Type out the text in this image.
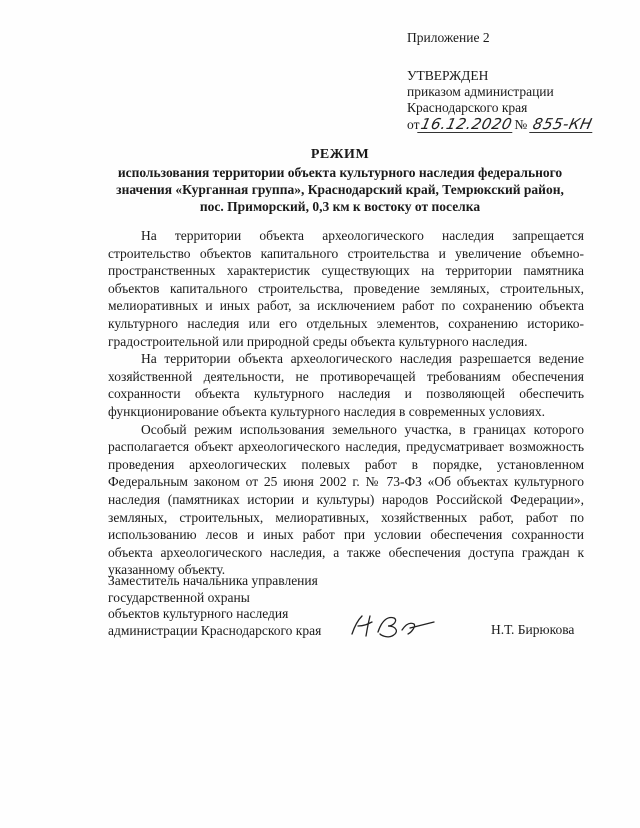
Приложение 2
УТВЕРЖДЕН
приказом администрации
Краснодарского края
от16.12.2020№ 855-КН
РЕЖИМ
использования территории объекта культурного наследия федерального
значения «Курганная группа», Краснодарский край, Темрюкский район,
пос. Приморский, 0,3 км к востоку от поселка

На территории объекта археологического наследия запрещается строительство объектов капитального строительства и увеличение объемно-пространственных характеристик существующих на территории памятника объектов капитального строительства, проведение земляных, строительных, мелиоративных и иных работ, за исключением работ по сохранению объекта культурного наследия или его отдельных элементов, сохранению историко-градостроительной или природной среды объекта культурного наследия.

На территории объекта археологического наследия разрешается ведение хозяйственной деятельности, не противоречащей требованиям обеспечения сохранности объекта культурного наследия и позволяющей обеспечить функционирование объекта культурного наследия в современных условиях.

Особый режим использования земельного участка, в границах которого располагается объект археологического наследия, предусматривает возможность проведения археологических полевых работ в порядке, установленном Федеральным законом от 25 июня 2002 г. № 73-ФЗ «Об объектах культурного наследия (памятниках истории и культуры) народов Российской Федерации», земляных, строительных, мелиоративных, хозяйственных работ, работ по использованию лесов и иных работ при условии обеспечения сохранности объекта археологического наследия, а также обеспечения доступа граждан к указанному объекту.

Заместитель начальника управления
государственной охраны
объектов культурного наследия
администрации Краснодарского края	Н.Т. Бирюкова
